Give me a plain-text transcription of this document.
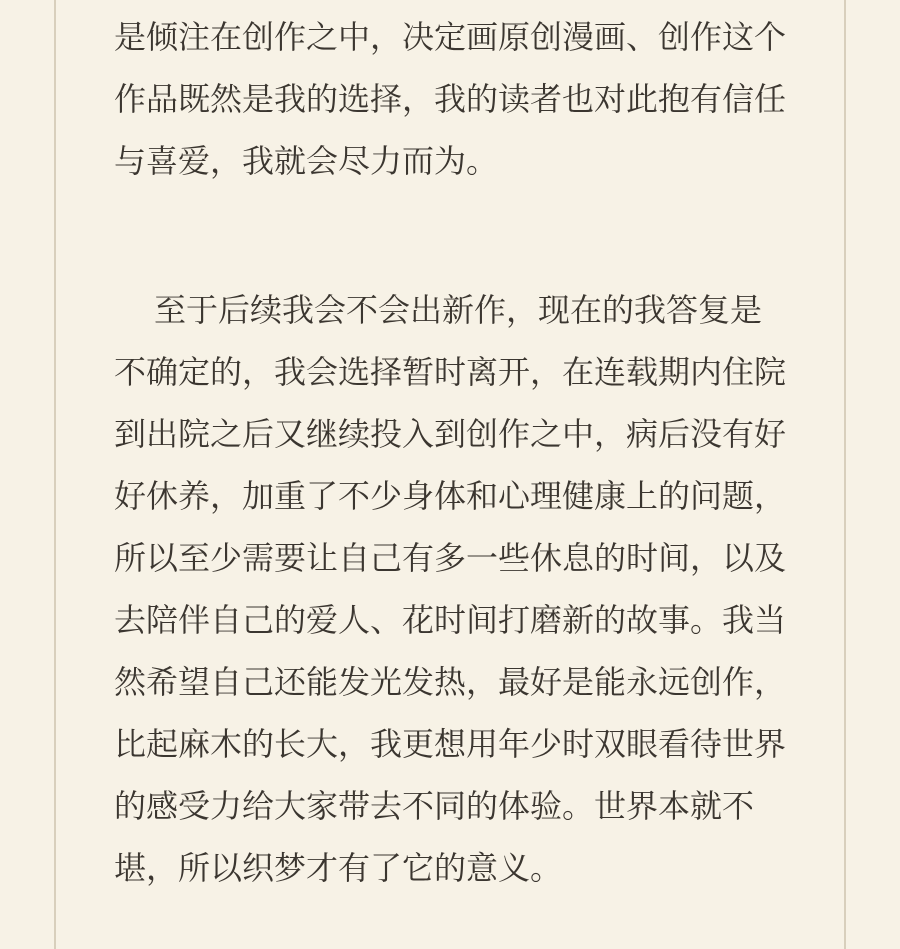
是倾注在创作之中，决定画原创漫画、创作这个
作品既然是我的选择，我的读者也对此抱有信任
与喜爱，我就会尽力而为。
至于后续我会不会出新作，现在的我答复是
不确定的，我会选择暂时离开，在连载期内住院
到出院之后又继续投入到创作之中，病后没有好
好休养，加重了不少身体和心理健康上的问题，
所以至少需要让自己有多一些休息的时间，以及
去陪伴自己的爱人、花时间打磨新的故事。我当
然希望自己还能发光发热，最好是能永远创作，
比起麻木的长大，我更想用年少时双眼看待世界
的感受力给大家带去不同的体验。世界本就不
堪，所以织梦才有了它的意义。
